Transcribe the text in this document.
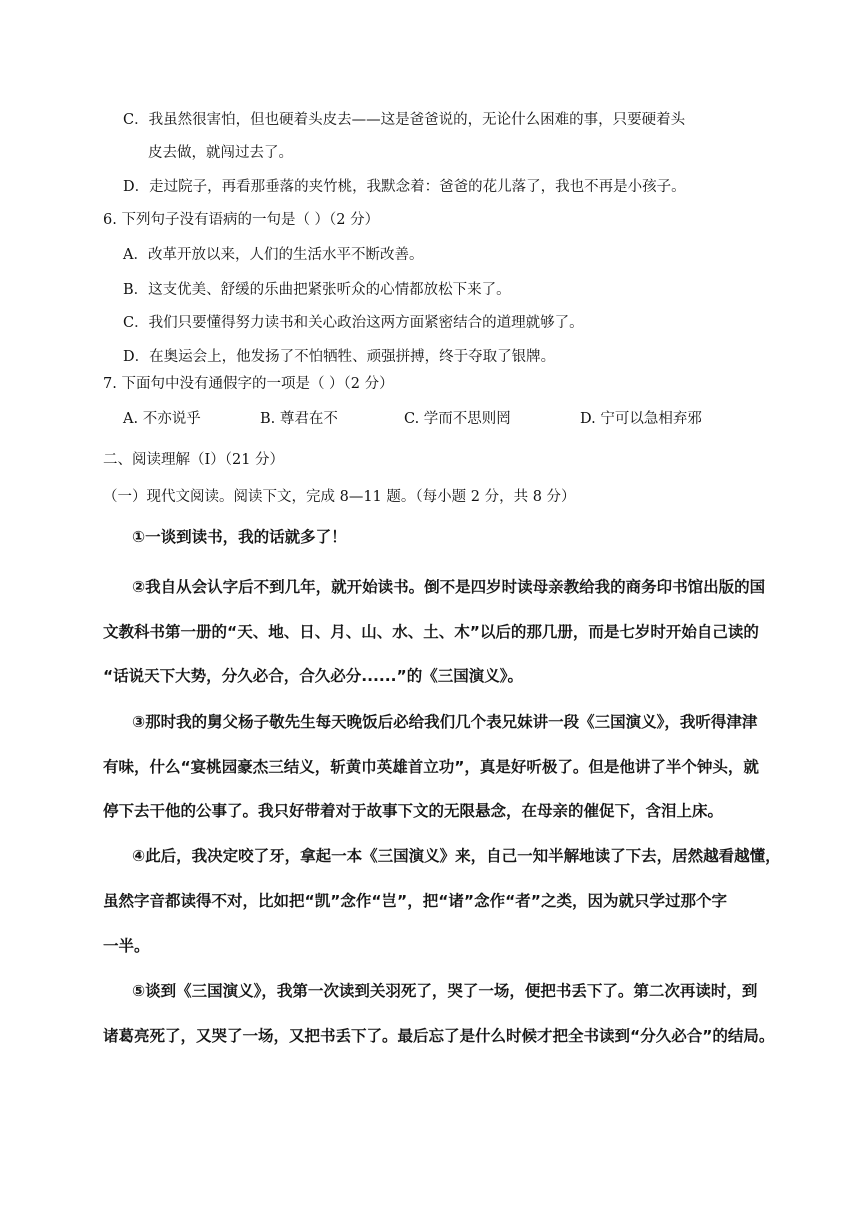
C．我虽然很害怕，但也硬着头皮去——这是爸爸说的，无论什么困难的事，只要硬着头
皮去做，就闯过去了。
D．走过院子，再看那垂落的夹竹桃，我默念着：爸爸的花儿落了，我也不再是小孩子。
6. 下列句子没有语病的一句是（ ）（2 分）
A．改革开放以来，人们的生活水平不断改善。
B．这支优美、舒缓的乐曲把紧张听众的心情都放松下来了。
C．我们只要懂得努力读书和关心政治这两方面紧密结合的道理就够了。
D．在奥运会上，他发扬了不怕牺牲、顽强拼搏，终于夺取了银牌。
7. 下面句中没有通假字的一项是（ ）（2 分）
A. 不亦说乎	B. 尊君在不	C. 学而不思则罔	D. 宁可以急相弃邪
二、阅读理解（I）（21 分）
（一）现代文阅读。阅读下文，完成 8—11 题。（每小题 2 分，共 8 分）
①一谈到读书，我的话就多了！
②我自从会认字后不到几年，就开始读书。倒不是四岁时读母亲教给我的商务印书馆出版的国
文教科书第一册的“天、地、日、月、山、水、土、木”以后的那几册，而是七岁时开始自己读的
“话说天下大势，分久必合，合久必分......”的《三国演义》。
③那时我的舅父杨子敬先生每天晚饭后必给我们几个表兄妹讲一段《三国演义》，我听得津津
有味，什么“宴桃园豪杰三结义，斩黄巾英雄首立功”，真是好听极了。但是他讲了半个钟头，就
停下去干他的公事了。我只好带着对于故事下文的无限悬念，在母亲的催促下，含泪上床。
④此后，我决定咬了牙，拿起一本《三国演义》来，自己一知半解地读了下去，居然越看越懂，
虽然字音都读得不对，比如把“凯”念作“岂”，把“诸”念作“者”之类，因为就只学过那个字
一半。
⑤谈到《三国演义》，我第一次读到关羽死了，哭了一场，便把书丢下了。第二次再读时，到
诸葛亮死了，又哭了一场，又把书丢下了。最后忘了是什么时候才把全书读到“分久必合”的结局。
